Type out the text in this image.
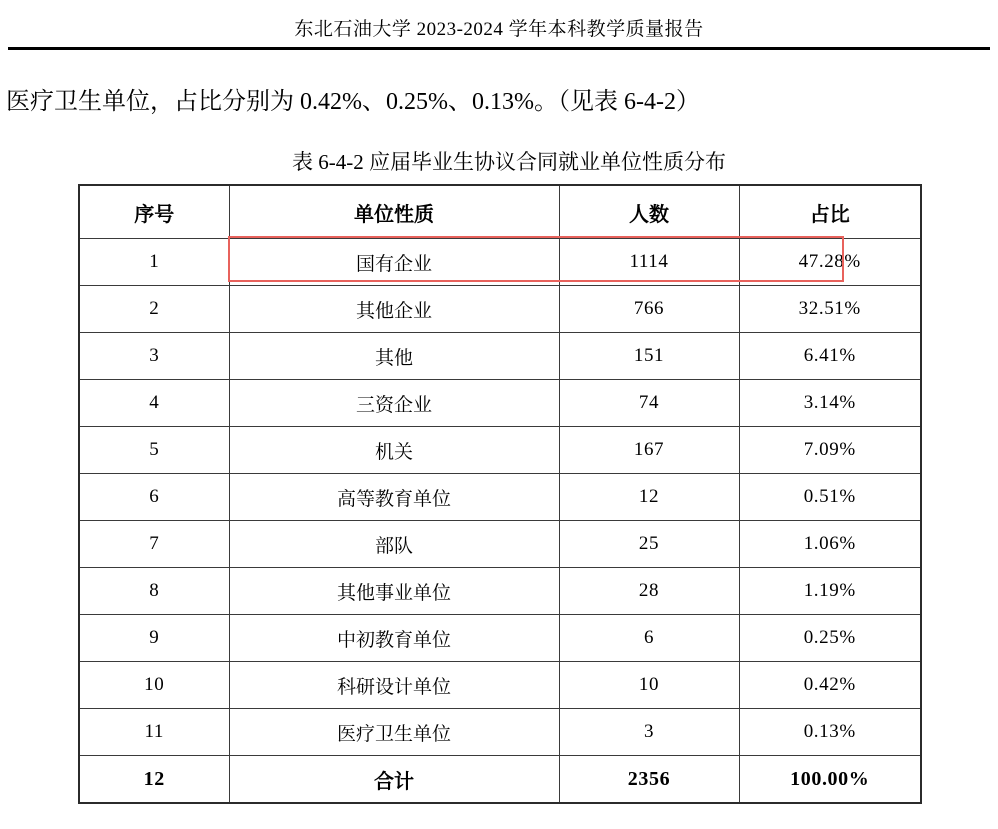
东北石油大学 2023-2024 学年本科教学质量报告

医疗卫生单位，占比分别为 0.42%、0.25%、0.13%。（见表 6-4-2）

表 6-4-2 应届毕业生协议合同就业单位性质分布
序号	单位性质	人数	占比
1	国有企业	1114	47.28%
2	其他企业	766	32.51%
3	其他	151	6.41%
4	三资企业	74	3.14%
5	机关	167	7.09%
6	高等教育单位	12	0.51%
7	部队	25	1.06%
8	其他事业单位	28	1.19%
9	中初教育单位	6	0.25%
10	科研设计单位	10	0.42%
11	医疗卫生单位	3	0.13%
12	合计	2356	100.00%
